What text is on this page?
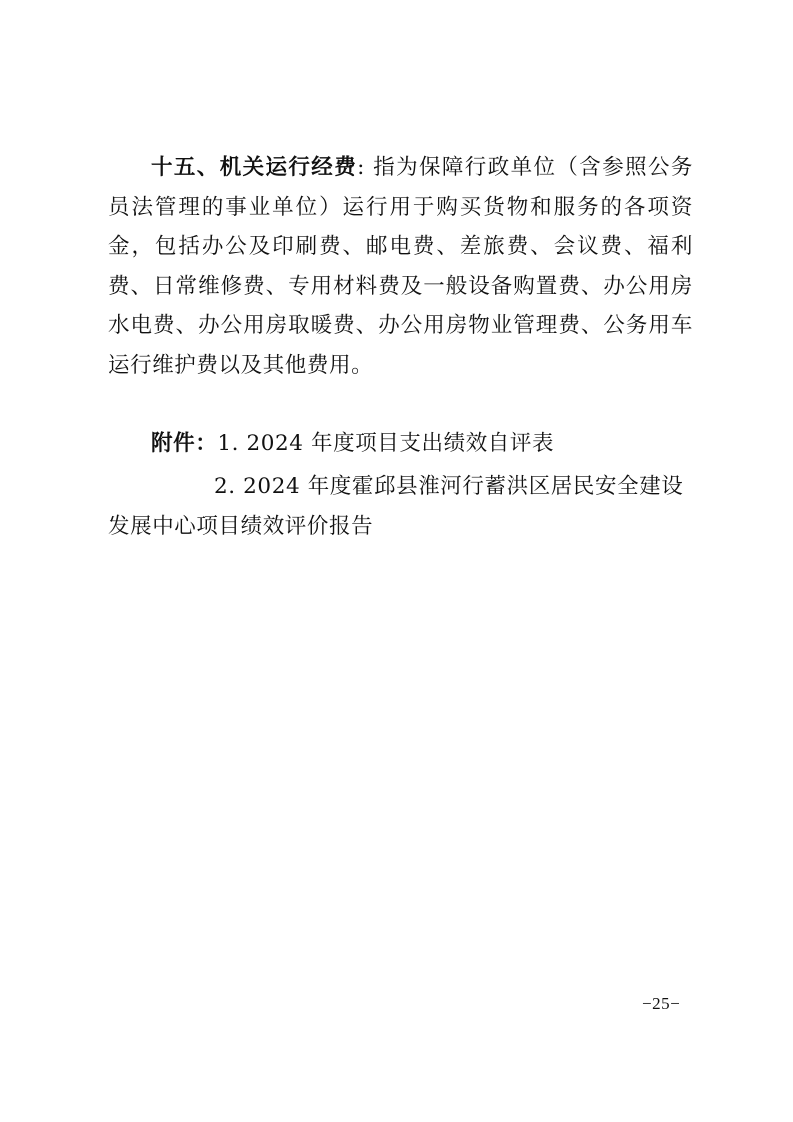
十五、机关运行经费: 指为保障行政单位（含参照公务员法管理的事业单位）运行用于购买货物和服务的各项资金，包括办公及印刷费、邮电费、差旅费、会议费、福利费、日常维修费、专用材料费及一般设备购置费、办公用房水电费、办公用房取暖费、办公用房物业管理费、公务用车运行维护费以及其他费用。

附件：1. 2024 年度项目支出绩效自评表

2. 2024 年度霍邱县淮河行蓄洪区居民安全建设发展中心项目绩效评价报告

−25−
